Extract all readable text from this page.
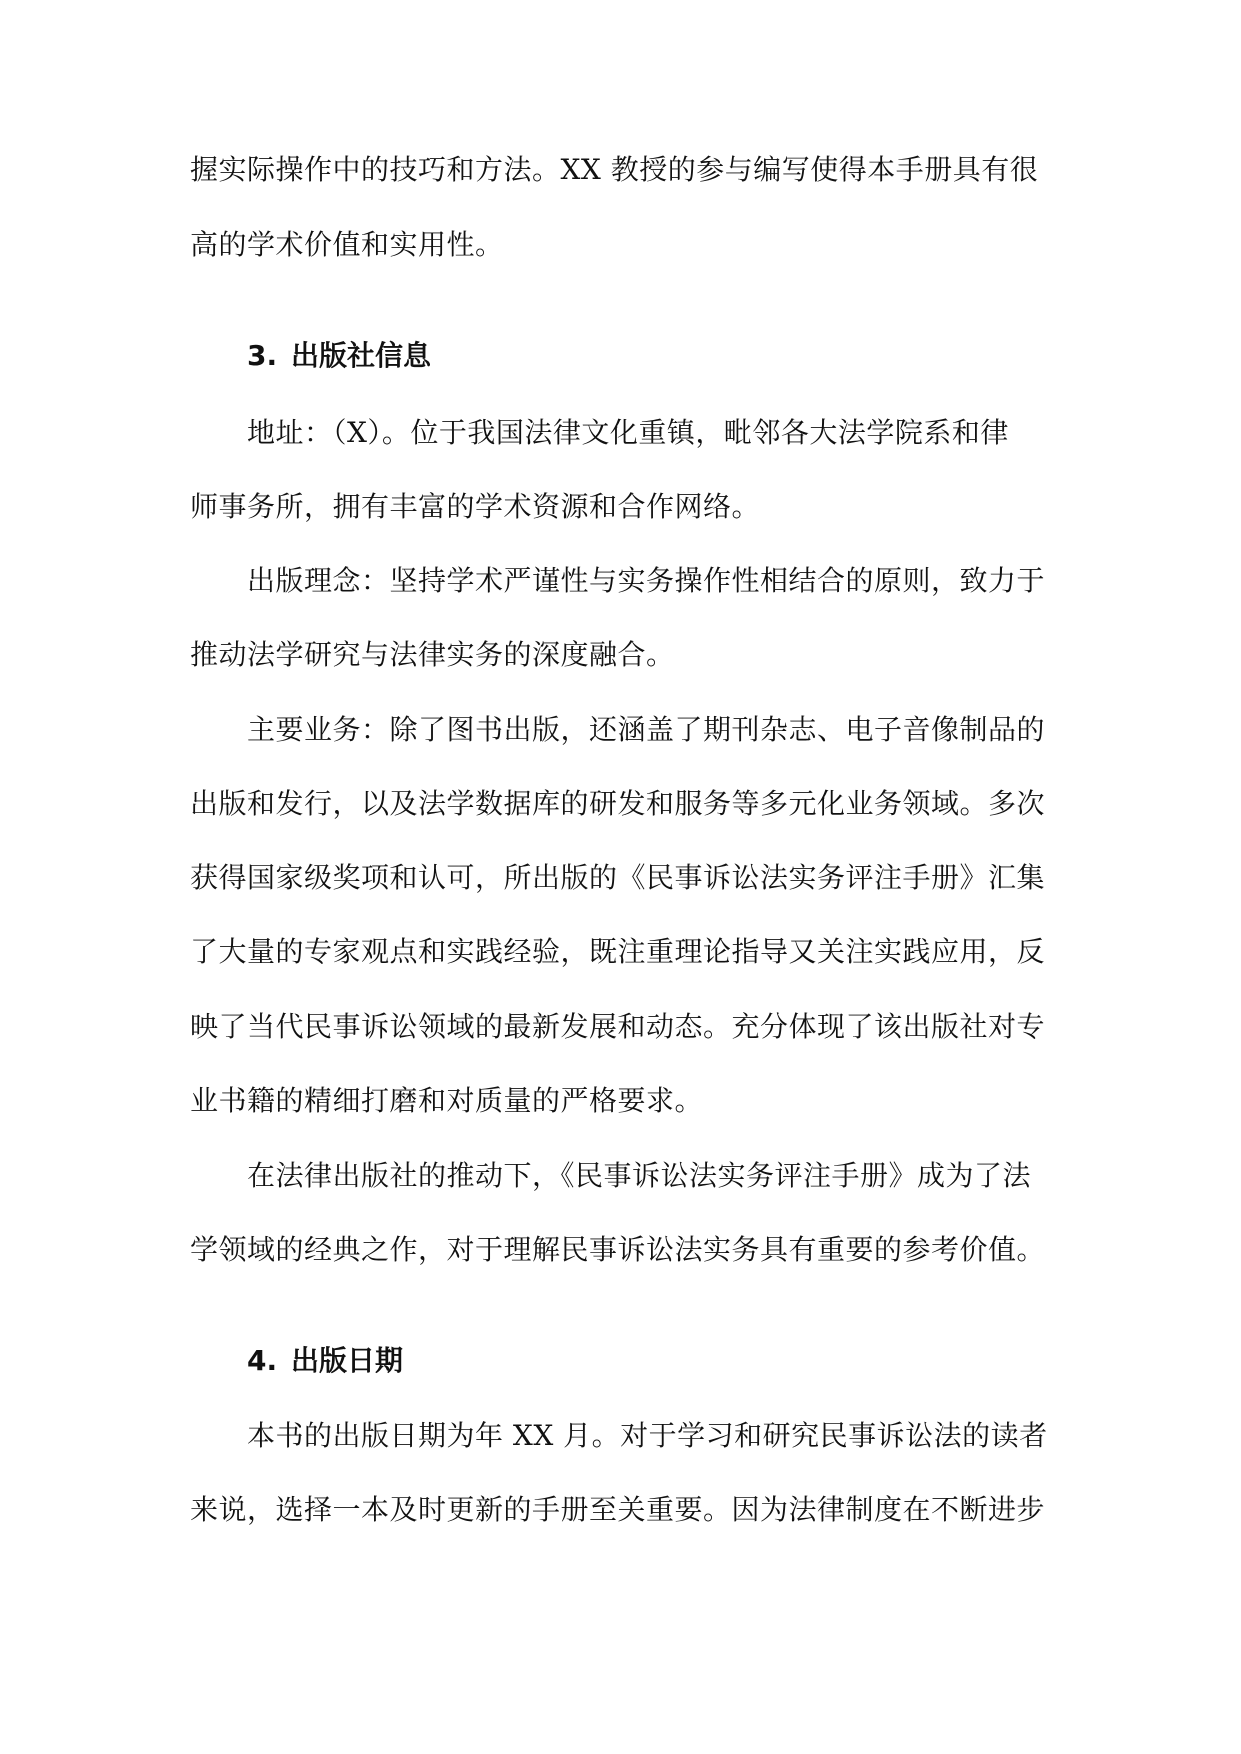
握实际操作中的技巧和方法。XX 教授的参与编写使得本手册具有很
高的学术价值和实用性。
3. 出版社信息
地址：（X）。位于我国法律文化重镇，毗邻各大法学院系和律
师事务所，拥有丰富的学术资源和合作网络。
出版理念：坚持学术严谨性与实务操作性相结合的原则，致力于
推动法学研究与法律实务的深度融合。
主要业务：除了图书出版，还涵盖了期刊杂志、电子音像制品的
出版和发行，以及法学数据库的研发和服务等多元化业务领域。多次
获得国家级奖项和认可，所出版的《民事诉讼法实务评注手册》汇集
了大量的专家观点和实践经验，既注重理论指导又关注实践应用，反
映了当代民事诉讼领域的最新发展和动态。充分体现了该出版社对专
业书籍的精细打磨和对质量的严格要求。
在法律出版社的推动下，《民事诉讼法实务评注手册》成为了法
学领域的经典之作，对于理解民事诉讼法实务具有重要的参考价值。
4. 出版日期
本书的出版日期为年 XX 月。对于学习和研究民事诉讼法的读者
来说，选择一本及时更新的手册至关重要。因为法律制度在不断进步
